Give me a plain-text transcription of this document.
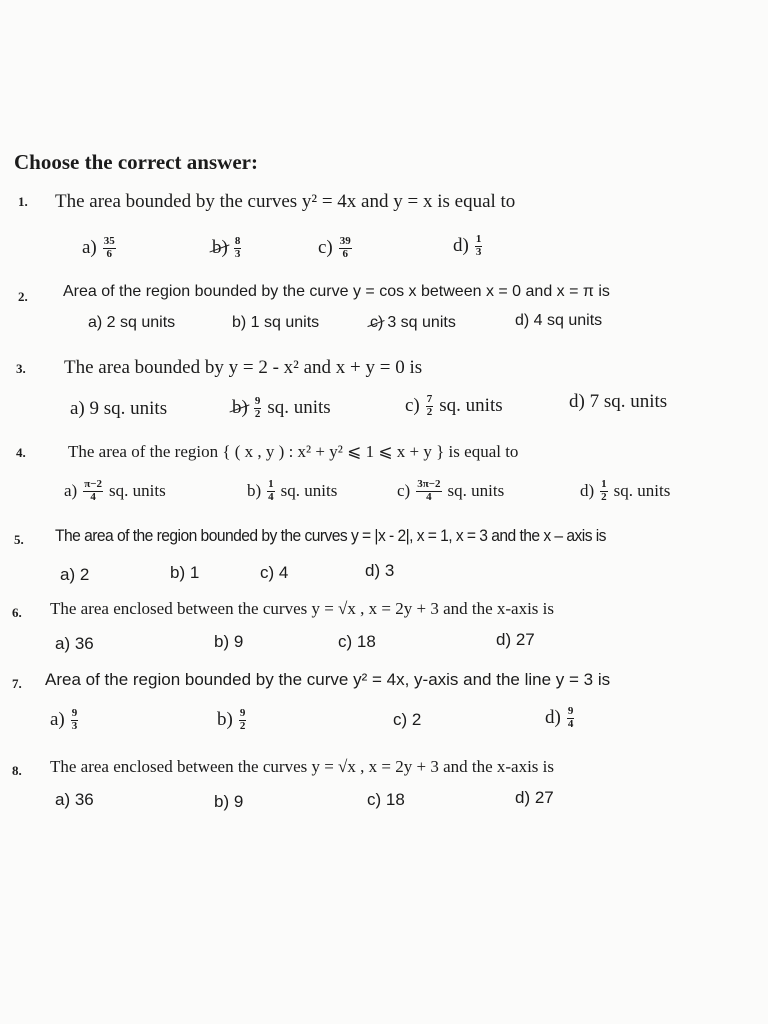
Choose the correct answer:
1. The area bounded by the curves y² = 4x and y = x is equal to
$a) \frac{35}{6}$	$b) \frac{8}{3}$	$c) \frac{39}{6}$	$d) \frac{1}{3}$
2. Area of the region bounded by the curve y = cos x between x = 0 and x = π is
a) 2 sq units	b) 1 sq units	c) 3 sq units	d) 4 sq units
3. The area bounded by y = 2 - x² and x + y = 0 is
a) 9 sq. units	$b) \frac{9}{2}$ sq. units	$c) \frac{7}{2}$ sq. units	d) 7 sq. units
4. The area of the region { ( x , y ) : x² + y² ⩽ 1 ⩽ x + y } is equal to
$a) \frac{\pi-2}{4}$ sq. units	$b) \frac{1}{4}$ sq. units	$c) \frac{3\pi-2}{4}$ sq. units	$d) \frac{1}{2}$ sq. units
5. The area of the region bounded by the curves y = |x - 2|, x = 1, x = 3 and the x – axis is
a) 2	b) 1	c) 4	d) 3
6. The area enclosed between the curves y = √x , x = 2y + 3 and the x-axis is
a) 36	b) 9	c) 18	d) 27
7. Area of the region bounded by the curve y² = 4x, y-axis and the line y = 3 is
$a) \frac{9}{3}$	$b) \frac{9}{2}$	c) 2	$d) \frac{9}{4}$
8. The area enclosed between the curves y = √x , x = 2y + 3 and the x-axis is
a) 36	b) 9	c) 18	d) 27
